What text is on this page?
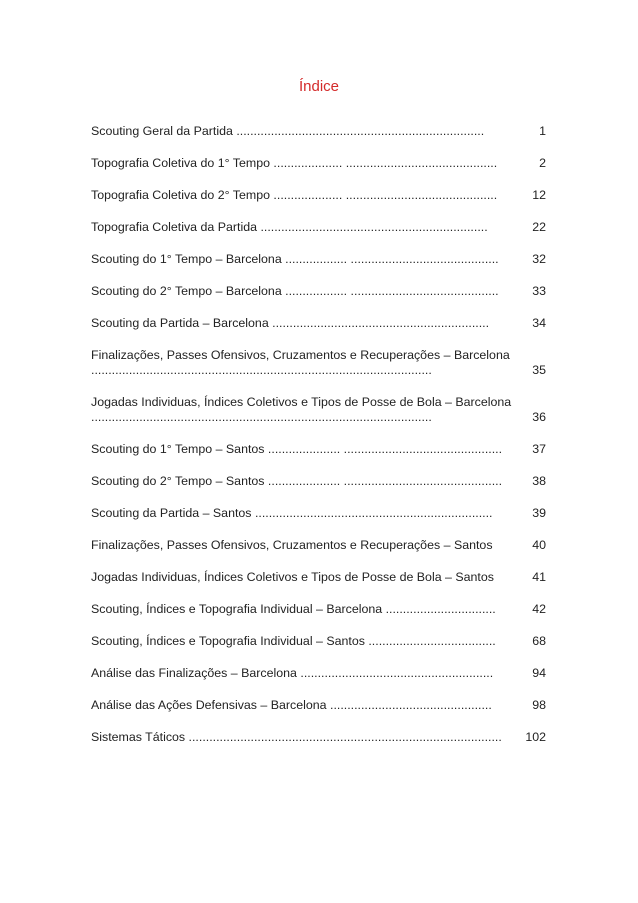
Índice
Scouting Geral da Partida ........................................................................	1
Topografia Coletiva do 1° Tempo .................... ............................................	2
Topografia Coletiva do 2° Tempo .................... ............................................	12
Topografia Coletiva da Partida ..................................................................	22
Scouting do 1° Tempo – Barcelona .................. ...........................................	32
Scouting do 2° Tempo – Barcelona .................. ...........................................	33
Scouting da Partida – Barcelona ...............................................................	34
Finalizações, Passes Ofensivos, Cruzamentos e Recuperações – Barcelona ...................................................................................................	35
Jogadas Individuas, Índices Coletivos e Tipos de Posse de Bola – Barcelona ...................................................................................................	36
Scouting do 1° Tempo – Santos ..................... ..............................................	37
Scouting do 2° Tempo – Santos ..................... ..............................................	38
Scouting da Partida – Santos .....................................................................	39
Finalizações, Passes Ofensivos, Cruzamentos e Recuperações – Santos	40
Jogadas Individuas, Índices Coletivos e Tipos de Posse de Bola – Santos	41
Scouting, Índices e Topografia Individual – Barcelona ................................	42
Scouting, Índices e Topografia Individual – Santos .....................................	68
Análise das Finalizações – Barcelona ........................................................	94
Análise das Ações Defensivas – Barcelona ...............................................	98
Sistemas Táticos ...........................................................................................	102
